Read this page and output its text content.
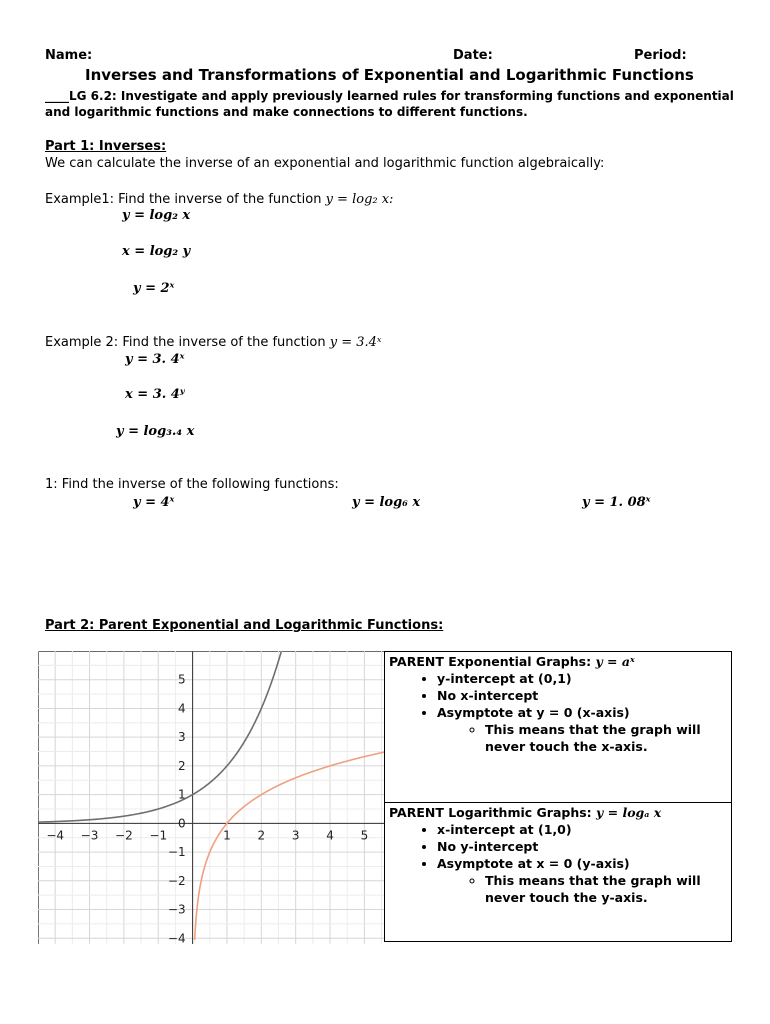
Name:	Date:	Period:
Inverses and Transformations of Exponential and Logarithmic Functions
____LG 6.2: Investigate and apply previously learned rules for transforming functions and exponential and logarithmic functions and make connections to different functions.
Part 1: Inverses:
We can calculate the inverse of an exponential and logarithmic function algebraically:
Example1: Find the inverse of the function y = log₂ x:
y = log₂ x
x = log₂ y
y = 2ˣ
Example 2: Find the inverse of the function y = 3.4ˣ
y = 3. 4ˣ
x = 3. 4ʸ
y = log₃.₄ x
1: Find the inverse of the following functions:
y = 4ˣ	y = log₆ x	y = 1. 08ˣ
Part 2: Parent Exponential and Logarithmic Functions:
−4 −3 −2 −1	1 2 3 4 5
−4
−3
−2
−1
0
1
2
3
4
5
PARENT Exponential Graphs: y = aˣ
• y-intercept at (0,1)
• No x-intercept
• Asymptote at y = 0 (x-axis)
◦ This means that the graph will never touch the x-axis.

PARENT Logarithmic Graphs: y = logₐ x
• x-intercept at (1,0)
• No y-intercept
• Asymptote at x = 0 (y-axis)
◦ This means that the graph will never touch the y-axis.
